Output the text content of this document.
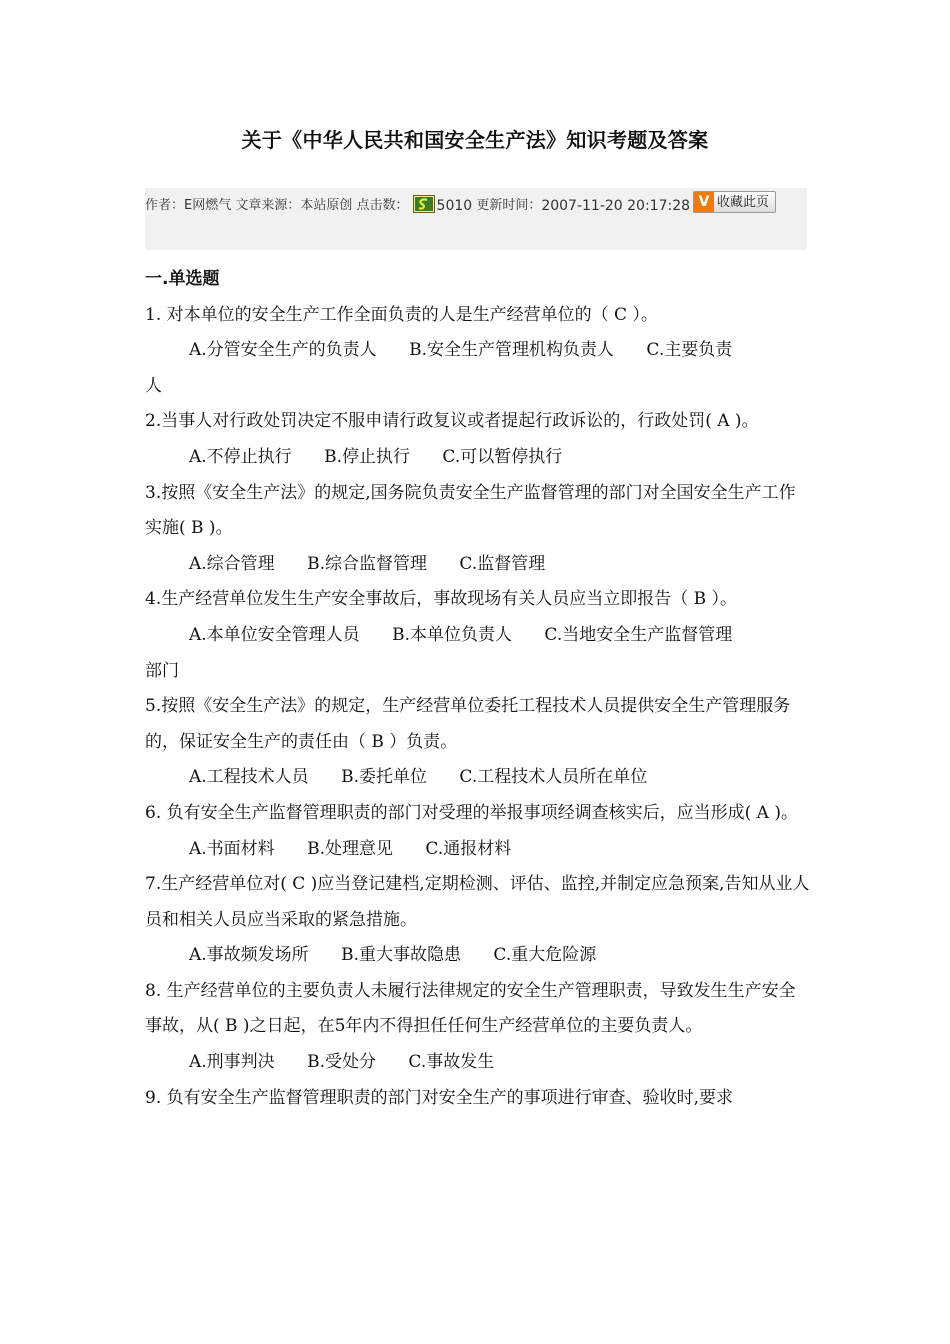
关于《中华人民共和国安全生产法》知识考题及答案
作者：E网燃气 文章来源：本站原创 点击数： 5010 更新时间：2007-11-20 20:17:28 V 收藏此页
一.单选题

1. 对本单位的安全生产工作全面负责的人是生产经营单位的（ C ）。

A.分管安全生产的负责人      B.安全生产管理机构负责人      C.主要负责

人

2.当事人对行政处罚决定不服申请行政复议或者提起行政诉讼的，行政处罚( A )。

A.不停止执行      B.停止执行      C.可以暂停执行

3.按照《安全生产法》的规定,国务院负责安全生产监督管理的部门对全国安全生产工作实施( B )。

A.综合管理      B.综合监督管理      C.监督管理

4.生产经营单位发生生产安全事故后，事故现场有关人员应当立即报告（ B ）。

A.本单位安全管理人员      B.本单位负责人      C.当地安全生产监督管理

部门

5.按照《安全生产法》的规定，生产经营单位委托工程技术人员提供安全生产管理服务的，保证安全生产的责任由（ B ）负责。

A.工程技术人员      B.委托单位      C.工程技术人员所在单位

6. 负有安全生产监督管理职责的部门对受理的举报事项经调查核实后，应当形成( A )。

A.书面材料      B.处理意见      C.通报材料

7.生产经营单位对( C )应当登记建档,定期检测、评估、监控,并制定应急预案,告知从业人员和相关人员应当采取的紧急措施。

A.事故频发场所      B.重大事故隐患      C.重大危险源

8. 生产经营单位的主要负责人未履行法律规定的安全生产管理职责，导致发生生产安全事故，从( B )之日起，在5年内不得担任任何生产经营单位的主要负责人。

A.刑事判决      B.受处分      C.事故发生

9. 负有安全生产监督管理职责的部门对安全生产的事项进行审查、验收时,要求
